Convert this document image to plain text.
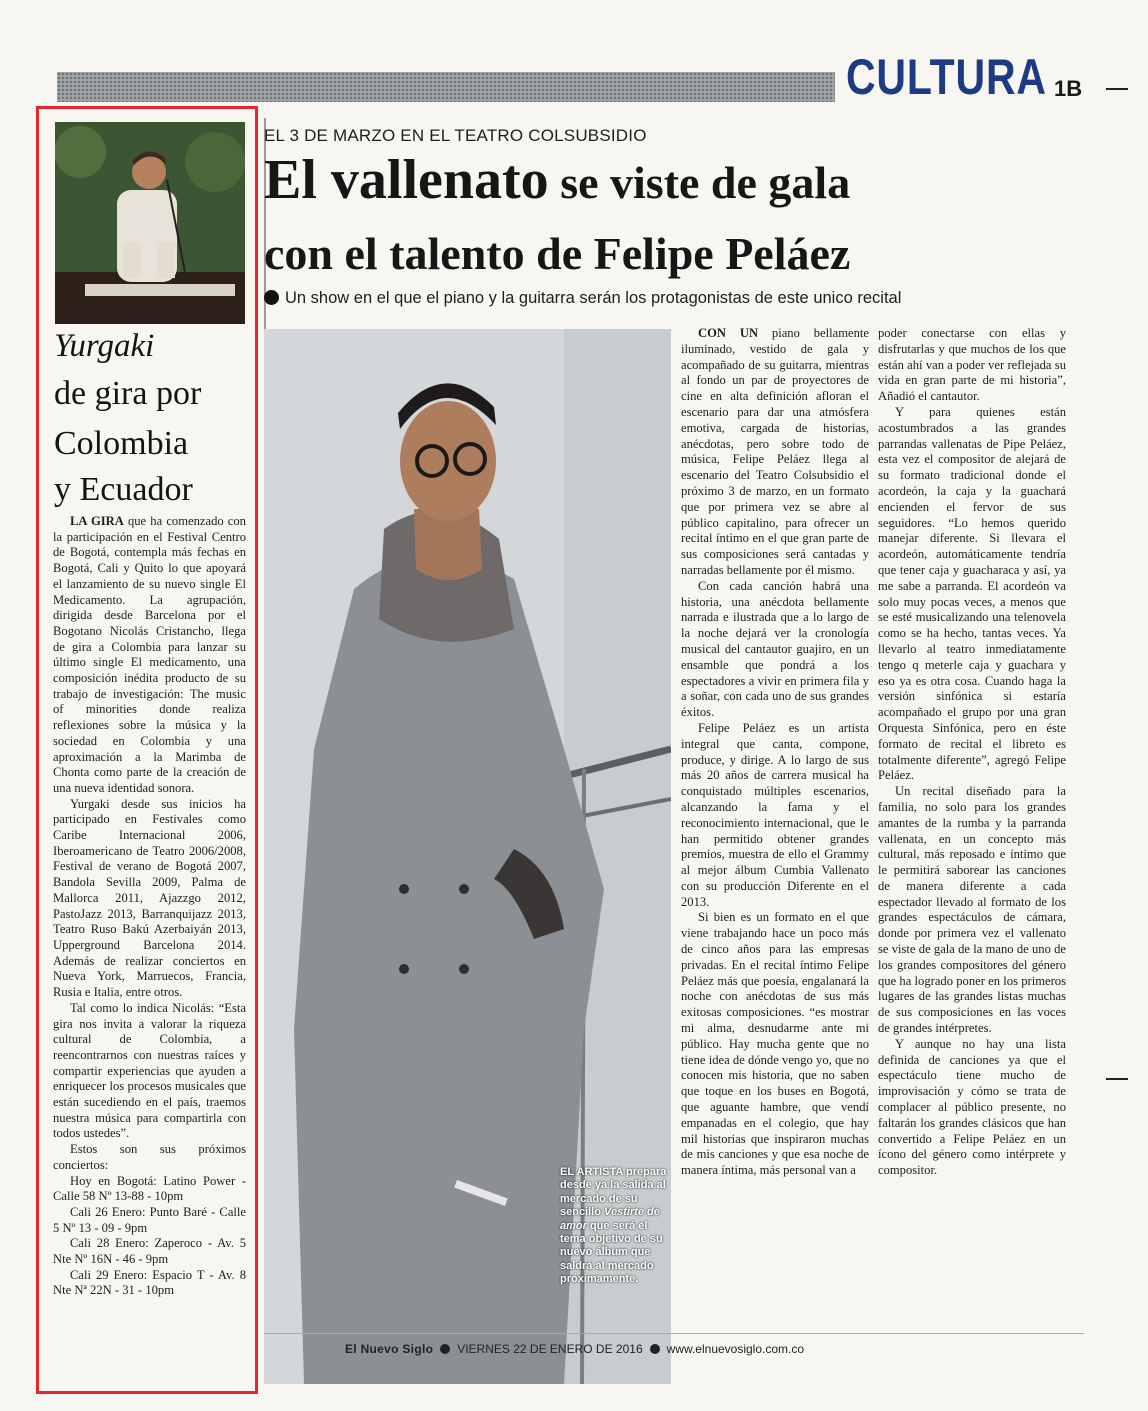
CULTURA 1B
Yurgaki
de gira por
Colombia
y Ecuador

LA GIRA que ha comenzado con la participación en el Festival Centro de Bogotá, contempla más fechas en Bogotá, Cali y Quito lo que apoyará el lanzamiento de su nuevo single El Medicamento. La agrupación, dirigida desde Barcelona por el Bogotano Nicolás Cristancho, llega de gira a Colombia para lanzar su último single El medicamento, una composición inédita producto de su trabajo de investigación: The music of minorities donde realiza reflexiones sobre la música y la sociedad en Colombia y una aproximación a la Marimba de Chonta como parte de la creación de una nueva identidad sonora.

Yurgaki desde sus inicios ha participado en Festivales como Caribe Internacional 2006, Iberoamericano de Teatro 2006/2008, Festival de verano de Bogotá 2007, Bandola Sevilla 2009, Palma de Mallorca 2011, Ajazzgo 2012, PastoJazz 2013, Barranquijazz 2013, Teatro Ruso Bakú Azerbaiyán 2013, Upperground Barcelona 2014. Además de realizar conciertos en Nueva York, Marruecos, Francia, Rusia e Italia, entre otros.

Tal como lo indica Nicolás: “Esta gira nos invita a valorar la riqueza cultural de Colombia, a reencontrarnos con nuestras raíces y compartir experiencias que ayuden a enriquecer los procesos musicales que están sucediendo en el país, traemos nuestra música para compartirla con todos ustedes”.

Estos son sus próximos conciertos:

Hoy en Bogotá: Latino Power - Calle 58 Nº 13-88 - 10pm

Cali 26 Enero: Punto Baré - Calle 5 Nº 13 - 09 - 9pm

Cali 28 Enero: Zaperoco - Av. 5 Nte Nº 16N - 46 - 9pm

Cali 29 Enero: Espacio T - Av. 8 Nte Nª 22N - 31 - 10pm

EL 3 DE MARZO EN EL TEATRO COLSUBSIDIO
El vallenato se viste de gala
con el talento de Felipe Peláez
Un show en el que el piano y la guitarra serán los protagonistas de este unico recital
EL ARTISTA prepara desde ya la salida al mercado de su sencillo Vestirte de amor que será el tema objetivo de su nuevo álbum que saldrá al mercado próximamente.

CON UN piano bellamente iluminado, vestido de gala y acompañado de su guitarra, mientras al fondo un par de proyectores de cine en alta definición afloran el escenario para dar una atmósfera emotiva, cargada de historias, anécdotas, pero sobre todo de música, Felipe Peláez llega al escenario del Teatro Colsubsidio el próximo 3 de marzo, en un formato que por primera vez se abre al público capitalino, para ofrecer un recital íntimo en el que gran parte de sus composiciones será cantadas y narradas bellamente por él mismo.

Con cada canción habrá una historia, una anécdota bellamente narrada e ilustrada que a lo largo de la noche dejará ver la cronología musical del cantautor guajiro, en un ensamble que pondrá a los espectadores a vivir en primera fila y a soñar, con cada uno de sus grandes éxitos.

Felipe Peláez es un artista integral que canta, compone, produce, y dirige. A lo largo de sus más 20 años de carrera musical ha conquistado múltiples escenarios, alcanzando la fama y el reconocimiento internacional, que le han permitido obtener grandes premios, muestra de ello el Grammy al mejor álbum Cumbia Vallenato con su producción Diferente en el 2013.

Si bien es un formato en el que viene trabajando hace un poco más de cinco años para las empresas privadas. En el recital íntimo Felipe Peláez más que poesía, engalanará la noche con anécdotas de sus más exitosas composiciones. “es mostrar mi alma, desnudarme ante mi público. Hay mucha gente que no tiene idea de dónde vengo yo, que no conocen mis historia, que no saben que toque en los buses en Bogotá, que aguante hambre, que vendí empanadas en el colegio, que hay mil historias que inspiraron muchas de mis canciones y que esa noche de manera íntima, más personal van a

poder conectarse con ellas y disfrutarlas y que muchos de los que están ahí van a poder ver reflejada su vida en gran parte de mi historia”, Añadió el cantautor.

Y para quienes están acostumbrados a las grandes parrandas vallenatas de Pipe Peláez, esta vez el compositor de alejará de su formato tradicional donde el acordeón, la caja y la guachará encienden el fervor de sus seguidores. “Lo hemos querido manejar diferente. Si llevara el acordeón, automáticamente tendría que tener caja y guacharaca y así, ya me sabe a parranda. El acordeón va solo muy pocas veces, a menos que se esté musicalizando una telenovela como se ha hecho, tantas veces. Ya llevarlo al teatro inmediatamente tengo q meterle caja y guachara y eso ya es otra cosa. Cuando haga la versión sinfónica si estaría acompañado el grupo por una gran Orquesta Sinfónica, pero en éste formato de recital el libreto es totalmente diferente”, agregó Felipe Peláez.

Un recital diseñado para la familia, no solo para los grandes amantes de la rumba y la parranda vallenata, en un concepto más cultural, más reposado e íntimo que le permitirá saborear las canciones de manera diferente a cada espectador llevado al formato de los grandes espectáculos de cámara, donde por primera vez el vallenato se viste de gala de la mano de uno de los grandes compositores del género que ha logrado poner en los primeros lugares de las grandes listas muchas de sus composiciones en las voces de grandes intérpretes.

Y aunque no hay una lista definida de canciones ya que el espectáculo tiene mucho de improvisación y cómo se trata de complacer al público presente, no faltarán los grandes clásicos que han convertido a Felipe Peláez en un ícono del género como intérprete y compositor.

El Nuevo Siglo VIERNES 22 DE ENERO DE 2016 www.elnuevosiglo.com.co
